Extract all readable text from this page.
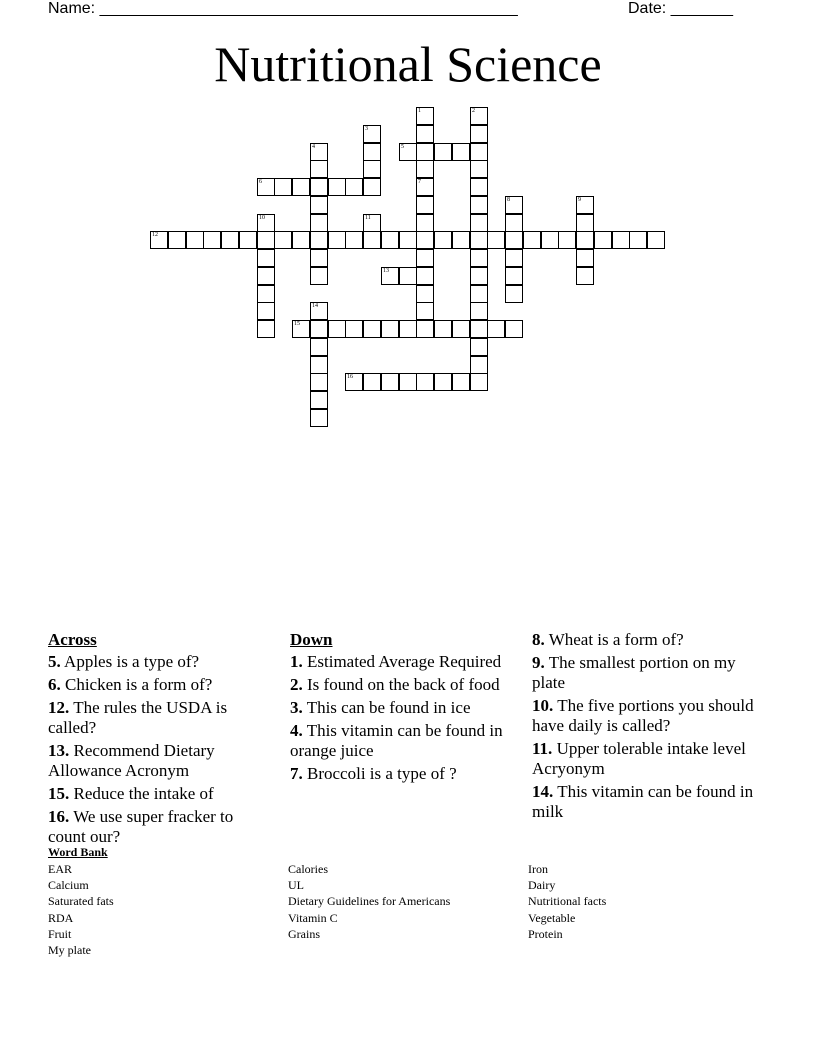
Name: _______________________________________________	Date: _______
Nutritional Science
1
7
2
3
4	5
6
8	9
10	11
12
13
14
15
16
Across
5. Apples is a type of?
6. Chicken is a form of?
12. The rules the USDA is called?
13. Recommend Dietary Allowance Acronym
15. Reduce the intake of
16. We use super fracker to count our?
Down
1. Estimated Average Required
2. Is found on the back of food
3. This can be found in ice
4. This vitamin can be found in orange juice
7. Broccoli is a type of ?
8. Wheat is a form of?
9. The smallest portion on my plate
10. The five portions you should have daily is called?
11. Upper tolerable intake level Acryonym
14. This vitamin can be found in milk
Word Bank
EAR
Calcium
Saturated fats
RDA
Fruit
My plate
Calories
UL
Dietary Guidelines for Americans
Vitamin C
Grains
Iron
Dairy
Nutritional facts
Vegetable
Protein
